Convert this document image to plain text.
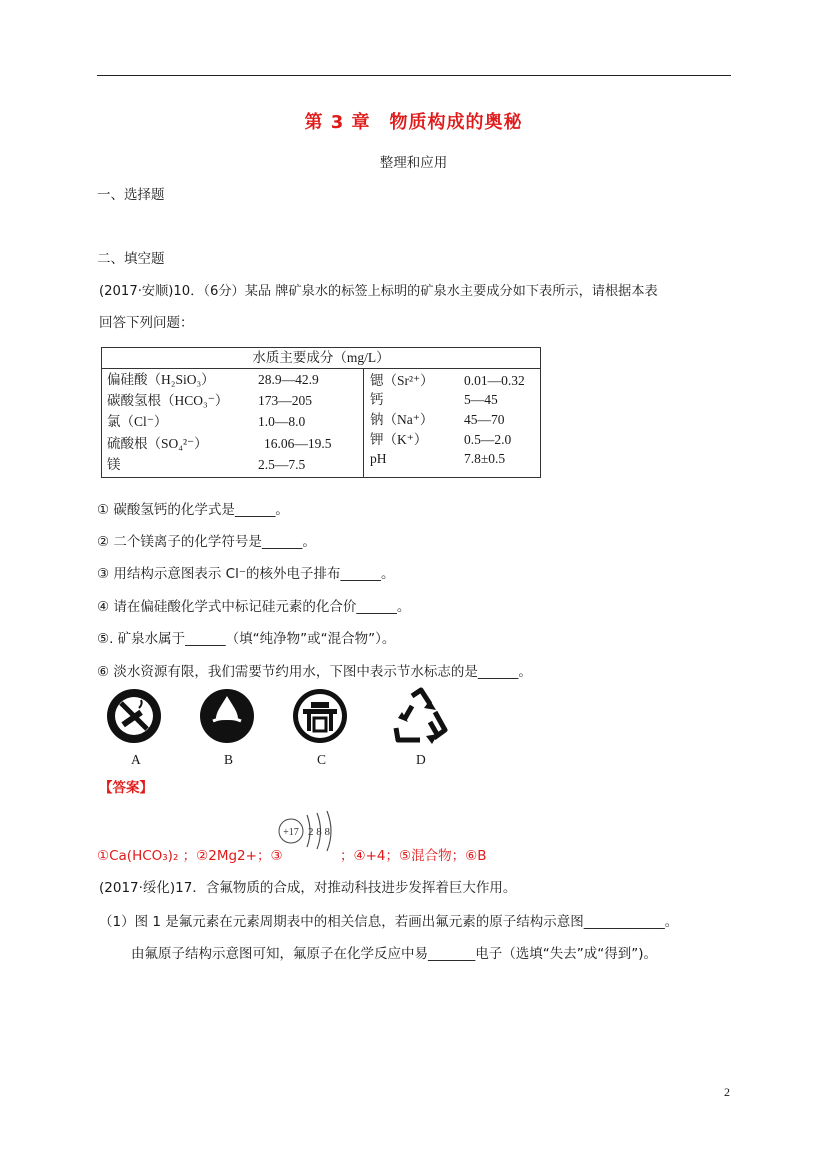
第 3 章　物质构成的奥秘
整理和应用
一、选择题
二、填空题
(2017·安顺)10．（6分）某品 牌矿泉水的标签上标明的矿泉水主要成分如下表所示，请根据本表
回答下列问题：
水质主要成分（mg/L）
偏硅酸（H₂SiO₃）	28.9—42.9
碳酸氢根（HCO₃⁻） 173—205
氯（Cl⁻）	1.0—8.0
硫酸根（SO₄²⁻）	16.06—19.5
镁	2.5—7.5
锶（Sr²⁺） 0.01—0.32
钙	5—45
钠（Na⁺） 45—70
钾（K⁺）	0.5—2.0
pH	7.8±0.5
① 碳酸氢钙的化学式是______。
② 二个镁离子的化学符号是______。
③ 用结构示意图表示 Cl⁻的核外电子排布______。
④ 请在偏硅酸化学式中标记硅元素的化合价______。
⑤. 矿泉水属于______（填“纯净物”或“混合物”）。
⑥ 淡水资源有限，我们需要节约用水，下图中表示节水标志的是______。
A	B	C	D
【答案】
①Ca(HCO₃)₂ ；②2Mg2+；③
+17 2 8 8
；④+4；⑤混合物；⑥B
(2017·绥化)17．含氟物质的合成，对推动科技进步发挥着巨大作用。
（1）图 1 是氟元素在元素周期表中的相关信息，若画出氟元素的原子结构示意图____________。
由氟原子结构示意图可知，氟原子在化学反应中易_______电子（选填“失去”成“得到”)。
2
